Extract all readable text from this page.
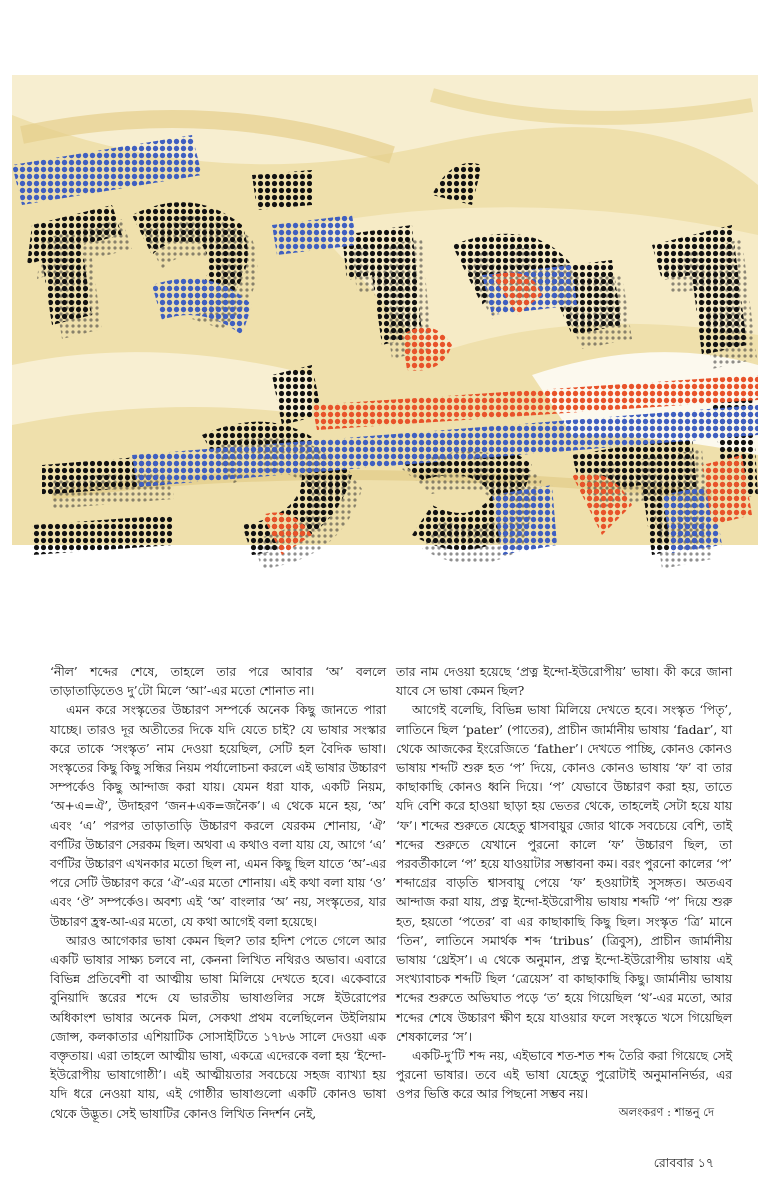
‘নীল’ শব্দের শেষে, তাহলে তার পরে আবার ‘অ’ বললে তাড়াতাড়িতেও দু’টো মিলে ‘আ’-এর মতো শোনাত না।

এমন করে সংস্কৃতের উচ্চারণ সম্পর্কে অনেক কিছু জানতে পারা যাচ্ছে। তারও দূর অতীতের দিকে যদি যেতে চাই? যে ভাষার সংস্কার করে তাকে ‘সংস্কৃত’ নাম দেওয়া হয়েছিল, সেটি হল বৈদিক ভাষা। সংস্কৃতের কিছু কিছু সন্ধির নিয়ম পর্যালোচনা করলে এই ভাষার উচ্চারণ সম্পর্কেও কিছু আন্দাজ করা যায়। যেমন ধরা যাক, একটি নিয়ম, ‘অ+এ=ঐ’, উদাহরণ ‘জন+এক=জনৈক’। এ থেকে মনে হয়, ‘অ’ এবং ‘এ’ পরপর তাড়াতাড়ি উচ্চারণ করলে যেরকম শোনায়, ‘ঐ’ বর্ণটির উচ্চারণ সেরকম ছিল। অথবা এ কথাও বলা যায় যে, আগে ‘এ’ বর্ণটির উচ্চারণ এখনকার মতো ছিল না, এমন কিছু ছিল যাতে ‘অ’-এর পরে সেটি উচ্চারণ করে ‘ঐ’-এর মতো শোনায়। এই কথা বলা যায় ‘ও’ এবং ‘ঔ’ সম্পর্কেও। অবশ্য এই ‘অ’ বাংলার ‘অ’ নয়, সংস্কৃতের, যার উচ্চারণ হ্রস্ব-আ-এর মতো, যে কথা আগেই বলা হয়েছে।

আরও আগেকার ভাষা কেমন ছিল? তার হদিশ পেতে গেলে আর একটি ভাষার সাক্ষ্য চলবে না, কেননা লিখিত নথিরও অভাব। এবারে বিভিন্ন প্রতিবেশী বা আত্মীয় ভাষা মিলিয়ে দেখতে হবে। একেবারে বুনিয়াদি স্তরের শব্দে যে ভারতীয় ভাষাগুলির সঙ্গে ইউরোপের অধিকাংশ ভাষার অনেক মিল, সেকথা প্রথম বলেছিলেন উইলিয়াম জোন্স, কলকাতার এশিয়াটিক সোসাইটিতে ১৭৮৬ সালে দেওয়া এক বক্তৃতায়। এরা তাহলে আত্মীয় ভাষা, একত্রে এদেরকে বলা হয় ‘ইন্দো-ইউরোপীয় ভাষাগোষ্ঠী’। এই আত্মীয়তার সবচেয়ে সহজ ব্যাখ্যা হয় যদি ধরে নেওয়া যায়, এই গোষ্ঠীর ভাষাগুলো একটি কোনও ভাষা থেকে উদ্ভূত। সেই ভাষাটির কোনও লিখিত নিদর্শন নেই,

তার নাম দেওয়া হয়েছে ‘প্রত্ন ইন্দো-ইউরোপীয়’ ভাষা। কী করে জানা যাবে সে ভাষা কেমন ছিল?

আগেই বলেছি, বিভিন্ন ভাষা মিলিয়ে দেখতে হবে। সংস্কৃত ‘পিতৃ’, লাতিনে ছিল ‘pater’ (পাতের), প্রাচীন জার্মানীয় ভাষায় ‘fadar’, যা থেকে আজকের ইংরেজিতে ‘father’। দেখতে পাচ্ছি, কোনও কোনও ভাষায় শব্দটি শুরু হত ‘প’ দিয়ে, কোনও কোনও ভাষায় ‘ফ’ বা তার কাছাকাছি কোনও ধ্বনি দিয়ে। ‘প’ যেভাবে উচ্চারণ করা হয়, তাতে যদি বেশি করে হাওয়া ছাড়া হয় ভেতর থেকে, তাহলেই সেটা হয়ে যায় ‘ফ’। শব্দের শুরুতে যেহেতু শ্বাসবায়ুর জোর থাকে সবচেয়ে বেশি, তাই শব্দের শুরুতে যেখানে পুরনো কালে ‘ফ’ উচ্চারণ ছিল, তা পরবর্তীকালে ‘প’ হয়ে যাওয়াটার সম্ভাবনা কম। বরং পুরনো কালের ‘প’ শব্দাগ্রের বাড়তি শ্বাসবায়ু পেয়ে ‘ফ’ হওয়াটাই সুসঙ্গত। অতএব আন্দাজ করা যায়, প্রত্ন ইন্দো-ইউরোপীয় ভাষায় শব্দটি ‘প’ দিয়ে শুরু হত, হয়তো ‘পতের’ বা এর কাছাকাছি কিছু ছিল। সংস্কৃত ‘ত্রি’ মানে ‘তিন’, লাতিনে সমার্থক শব্দ ‘tribus’ (ত্রিবুস), প্রাচীন জার্মানীয় ভাষায় ‘থ্রেইস’। এ থেকে অনুমান, প্রত্ন ইন্দো-ইউরোপীয় ভাষায় এই সংখ্যাবাচক শব্দটি ছিল ‘ত্রেয়েস’ বা কাছাকাছি কিছু। জার্মানীয় ভাষায় শব্দের শুরুতে অভিঘাত পড়ে ‘ত’ হয়ে গিয়েছিল ‘থ’-এর মতো, আর শব্দের শেষে উচ্চারণ ক্ষীণ হয়ে যাওয়ার ফলে সংস্কৃতে খসে গিয়েছিল শেষকালের ‘স’।

একটি-দু’টি শব্দ নয়, এইভাবে শত-শত শব্দ তৈরি করা গিয়েছে সেই পুরনো ভাষার। তবে এই ভাষা যেহেতু পুরোটাই অনুমাননির্ভর, এর ওপর ভিত্তি করে আর পিছনো সম্ভব নয়।

অলংকরণ : শান্তনু দে
রোববার ১৭
